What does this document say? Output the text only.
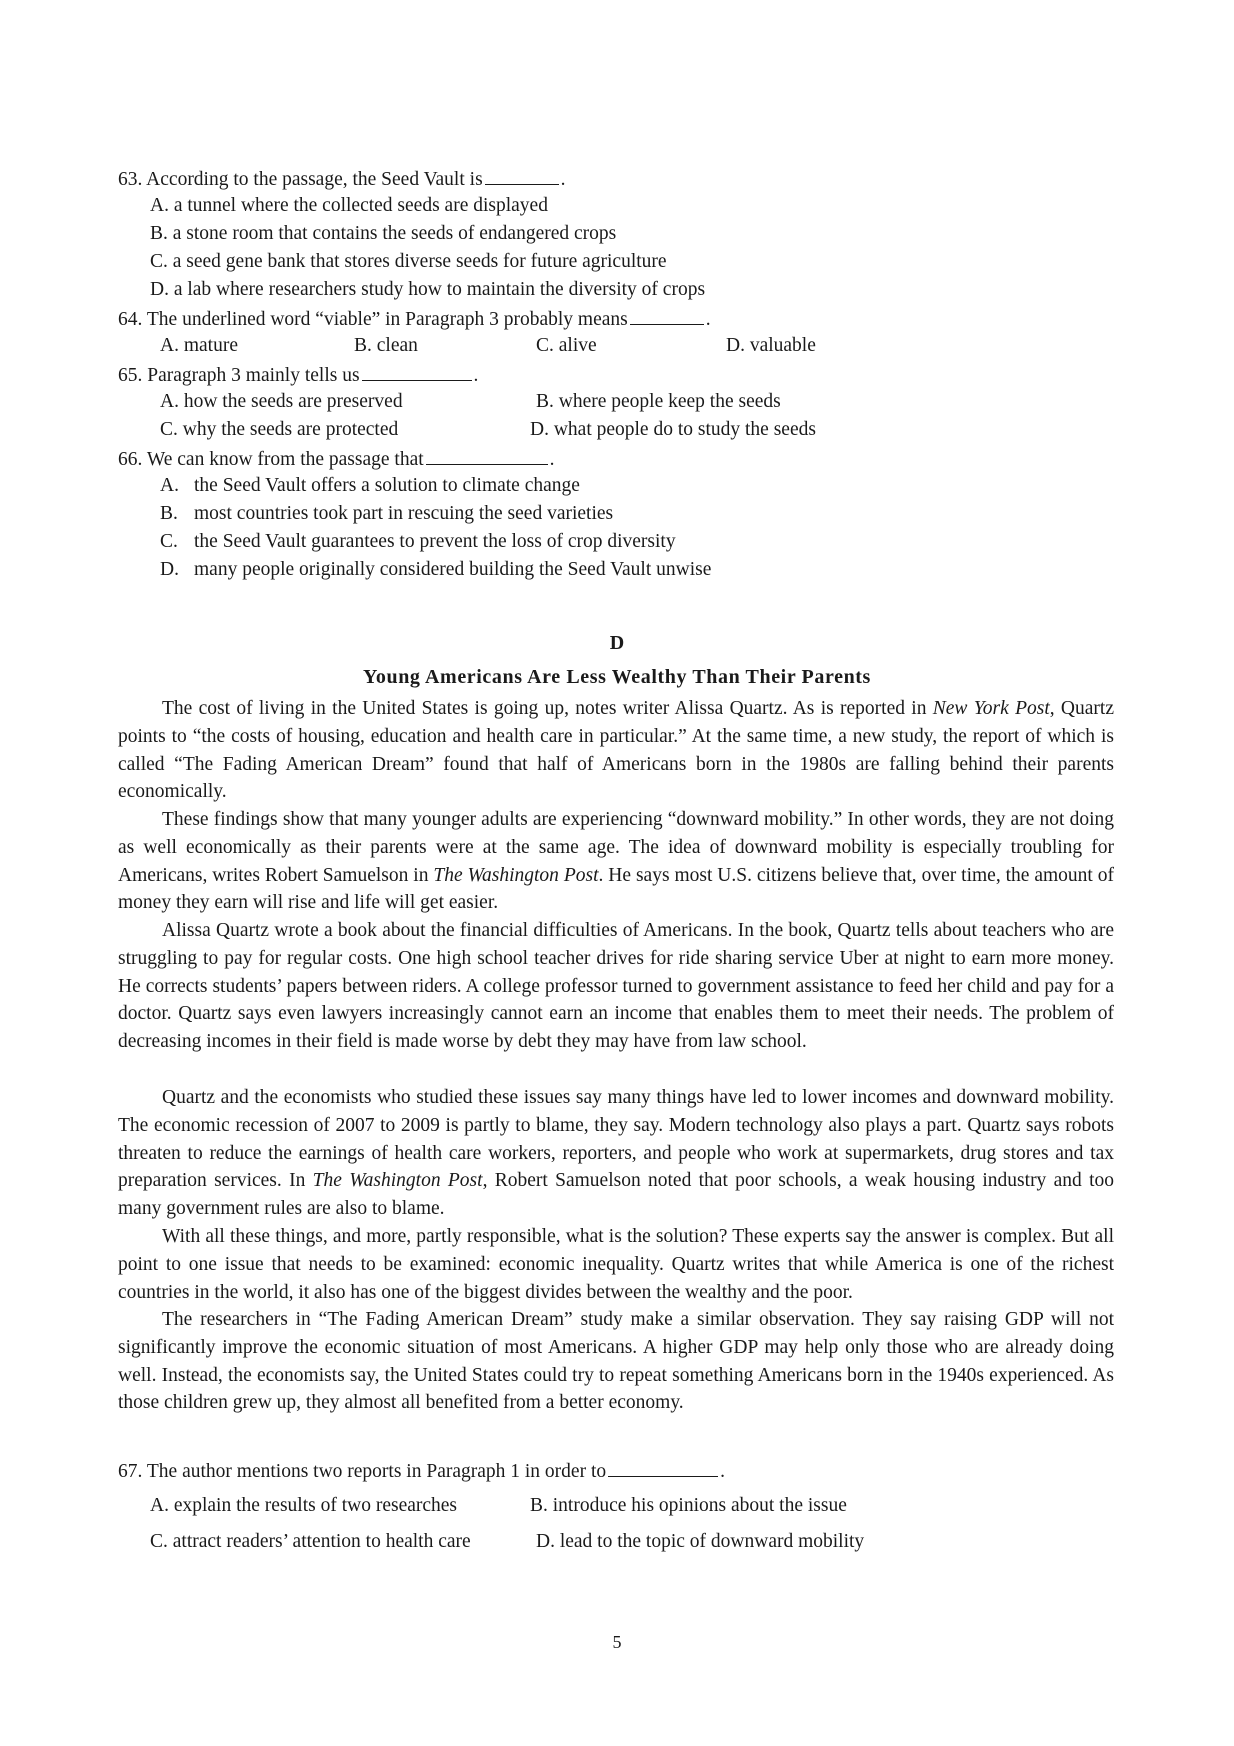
63. According to the passage, the Seed Vault is	.
A. a tunnel where the collected seeds are displayed
B. a stone room that contains the seeds of endangered crops
C. a seed gene bank that stores diverse seeds for future agriculture
D. a lab where researchers study how to maintain the diversity of crops
64. The underlined word “viable” in Paragraph 3 probably means	.
A. mature	B. clean	C. alive	D. valuable
65. Paragraph 3 mainly tells us	.
A. how the seeds are preserved	B. where people keep the seeds
C. why the seeds are protected	D. what people do to study the seeds
66. We can know from the passage that	.
A. the Seed Vault offers a solution to climate change
B. most countries took part in rescuing the seed varieties
C. the Seed Vault guarantees to prevent the loss of crop diversity
D. many people originally considered building the Seed Vault unwise
D
Young Americans Are Less Wealthy Than Their Parents
The cost of living in the United States is going up, notes writer Alissa Quartz. As is reported in New York Post, Quartz points to “the costs of housing, education and health care in particular.” At the same time, a new study, the report of which is called “The Fading American Dream” found that half of Americans born in the 1980s are falling behind their parents economically.
These findings show that many younger adults are experiencing “downward mobility.” In other words, they are not doing as well economically as their parents were at the same age. The idea of downward mobility is especially troubling for Americans, writes Robert Samuelson in The Washington Post. He says most U.S. citizens believe that, over time, the amount of money they earn will rise and life will get easier.
Alissa Quartz wrote a book about the financial difficulties of Americans. In the book, Quartz tells about teachers who are struggling to pay for regular costs. One high school teacher drives for ride sharing service Uber at night to earn more money. He corrects students’ papers between riders. A college professor turned to government assistance to feed her child and pay for a doctor. Quartz says even lawyers increasingly cannot earn an income that enables them to meet their needs. The problem of decreasing incomes in their field is made worse by debt they may have from law school.
Quartz and the economists who studied these issues say many things have led to lower incomes and downward mobility. The economic recession of 2007 to 2009 is partly to blame, they say. Modern technology also plays a part. Quartz says robots threaten to reduce the earnings of health care workers, reporters, and people who work at supermarkets, drug stores and tax preparation services. In The Washington Post, Robert Samuelson noted that poor schools, a weak housing industry and too many government rules are also to blame.
With all these things, and more, partly responsible, what is the solution? These experts say the answer is complex. But all point to one issue that needs to be examined: economic inequality. Quartz writes that while America is one of the richest countries in the world, it also has one of the biggest divides between the wealthy and the poor.
The researchers in “The Fading American Dream” study make a similar observation. They say raising GDP will not significantly improve the economic situation of most Americans. A higher GDP may help only those who are already doing well. Instead, the economists say, the United States could try to repeat something Americans born in the 1940s experienced. As those children grew up, they almost all benefited from a better economy.
67. The author mentions two reports in Paragraph 1 in order to	.
A. explain the results of two researches	B. introduce his opinions about the issue
C. attract readers’ attention to health care	D. lead to the topic of downward mobility
5
